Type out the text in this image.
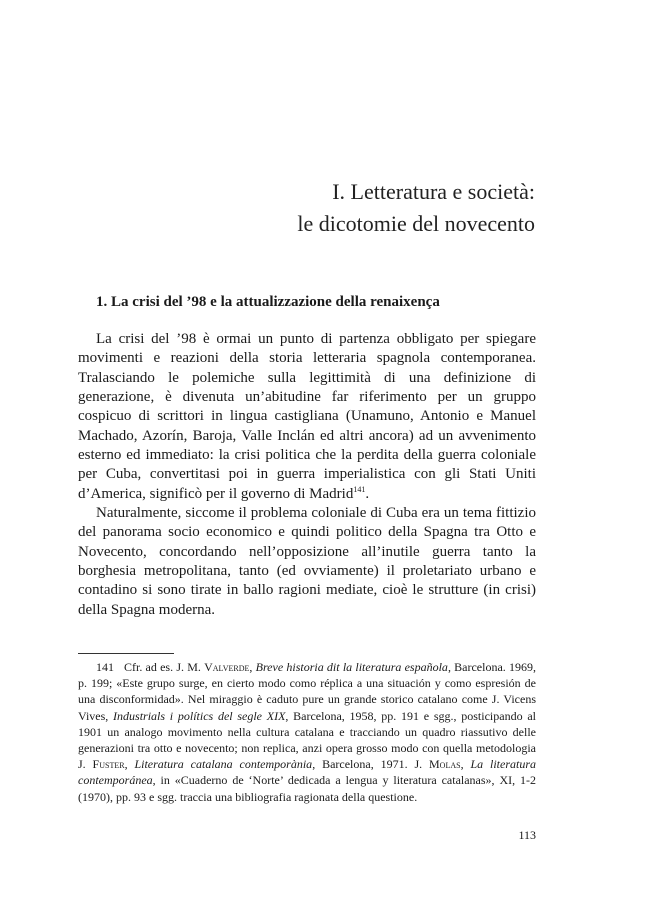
I. Letteratura e società:
le dicotomie del novecento
1. La crisi del ’98 e la attualizzazione della renaixença

La crisi del ’98 è ormai un punto di partenza obbligato per spiegare movimenti e reazioni della storia letteraria spagnola contemporanea. Tralasciando le polemiche sulla legittimità di una definizione di generazione, è divenuta un’abitudine far riferimento per un gruppo cospicuo di scrittori in lingua castigliana (Unamuno, Antonio e Manuel Machado, Azorín, Baroja, Valle Inclán ed altri ancora) ad un avvenimento esterno ed immediato: la crisi politica che la perdita della guerra coloniale per Cuba, convertitasi poi in guerra imperialistica con gli Stati Uniti d’America, significò per il governo di Madrid$^{141}$.

Naturalmente, siccome il problema coloniale di Cuba era un tema fittizio del panorama socio economico e quindi politico della Spagna tra Otto e Novecento, concordando nell’opposizione all’inutile guerra tanto la borghesia metropolitana, tanto (ed ovviamente) il proletariato urbano e contadino si sono tirate in ballo ragioni mediate, cioè le strutture (in crisi) della Spagna moderna.

141 Cfr. ad es. J. M. Valverde, Breve historia dit la literatura española, Barcelona. 1969, p. 199; «Este grupo surge, en cierto modo como réplica a una situación y como espresión de una disconformidad». Nel miraggio è caduto pure un grande storico catalano come J. Vicens Vives, Industrials i polítics del segle XIX, Barcelona, 1958, pp. 191 e sgg., posticipando al 1901 un analogo movimento nella cultura catalana e tracciando un quadro riassutivo delle generazioni tra otto e novecento; non replica, anzi opera grosso modo con quella metodologia J. Fuster, Literatura catalana contemporània, Barcelona, 1971. J. Molas, La literatura contemporánea, in «Cuaderno de ‘Norte’ dedicada a lengua y literatura catalanas», XI, 1-2 (1970), pp. 93 e sgg. traccia una bibliografia ragionata della questione.
113
